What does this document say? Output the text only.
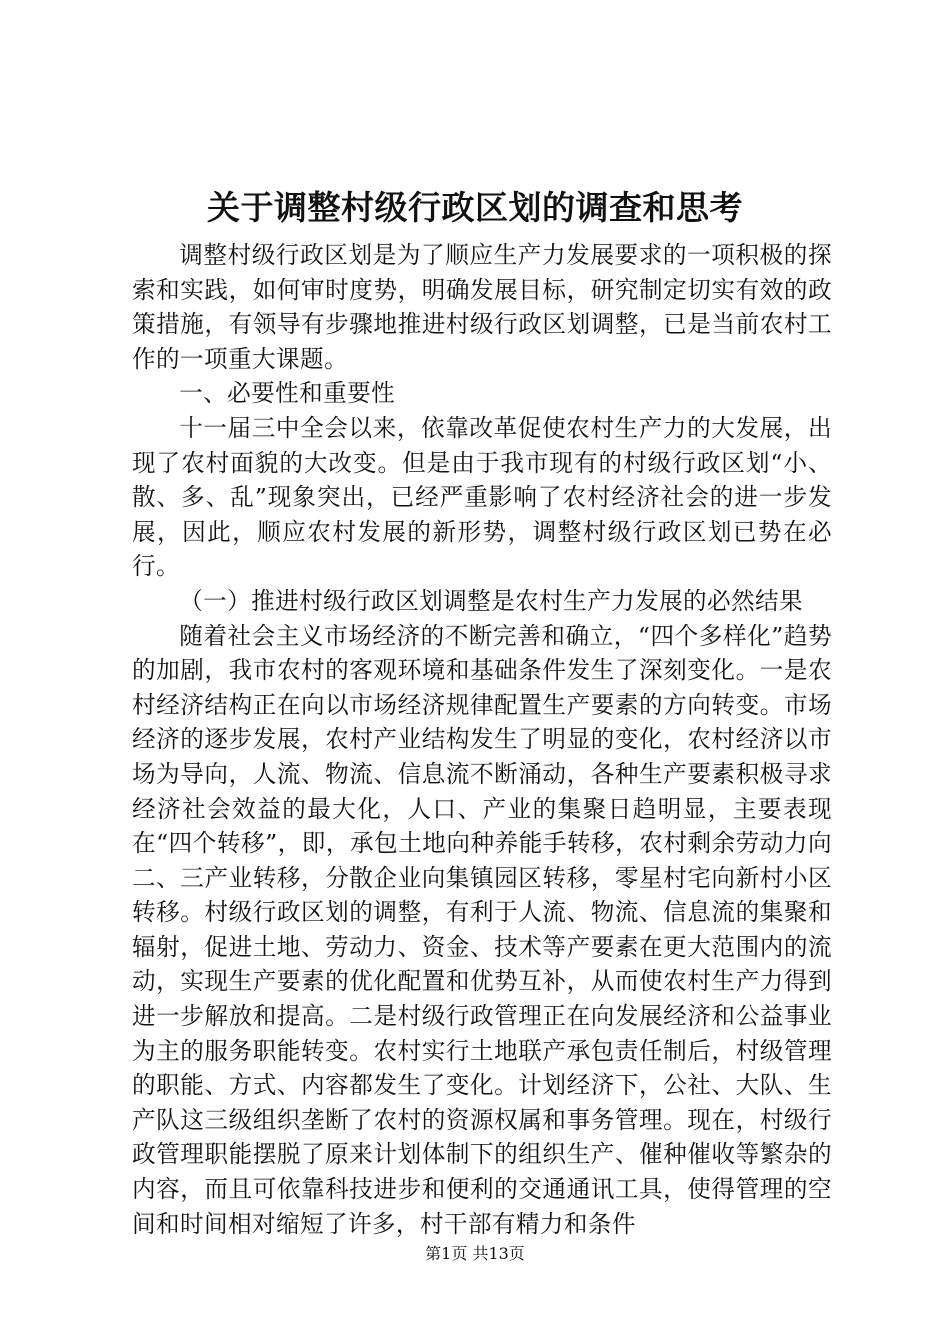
关于调整村级行政区划的调查和思考

调整村级行政区划是为了顺应生产力发展要求的一项积极的探索和实践，如何审时度势，明确发展目标，研究制定切实有效的政策措施，有领导有步骤地推进村级行政区划调整，已是当前农村工作的一项重大课题。

一、必要性和重要性

十一届三中全会以来，依靠改革促使农村生产力的大发展，出现了农村面貌的大改变。但是由于我市现有的村级行政区划“小、散、多、乱”现象突出，已经严重影响了农村经济社会的进一步发展，因此，顺应农村发展的新形势，调整村级行政区划已势在必行。

（一）推进村级行政区划调整是农村生产力发展的必然结果

随着社会主义市场经济的不断完善和确立，“四个多样化”趋势的加剧，我市农村的客观环境和基础条件发生了深刻变化。一是农村经济结构正在向以市场经济规律配置生产要素的方向转变。市场经济的逐步发展，农村产业结构发生了明显的变化，农村经济以市场为导向，人流、物流、信息流不断涌动，各种生产要素积极寻求经济社会效益的最大化，人口、产业的集聚日趋明显，主要表现在“四个转移”，即，承包土地向种养能手转移，农村剩余劳动力向二、三产业转移，分散企业向集镇园区转移，零星村宅向新村小区转移。村级行政区划的调整，有利于人流、物流、信息流的集聚和辐射，促进土地、劳动力、资金、技术等产要素在更大范围内的流动，实现生产要素的优化配置和优势互补，从而使农村生产力得到进一步解放和提高。二是村级行政管理正在向发展经济和公益事业为主的服务职能转变。农村实行土地联产承包责任制后，村级管理的职能、方式、内容都发生了变化。计划经济下，公社、大队、生产队这三级组织垄断了农村的资源权属和事务管理。现在，村级行政管理职能摆脱了原来计划体制下的组织生产、催种催收等繁杂的内容，而且可依靠科技进步和便利的交通通讯工具，使得管理的空间和时间相对缩短了许多，村干部有精力和条件

第1页 共13页
